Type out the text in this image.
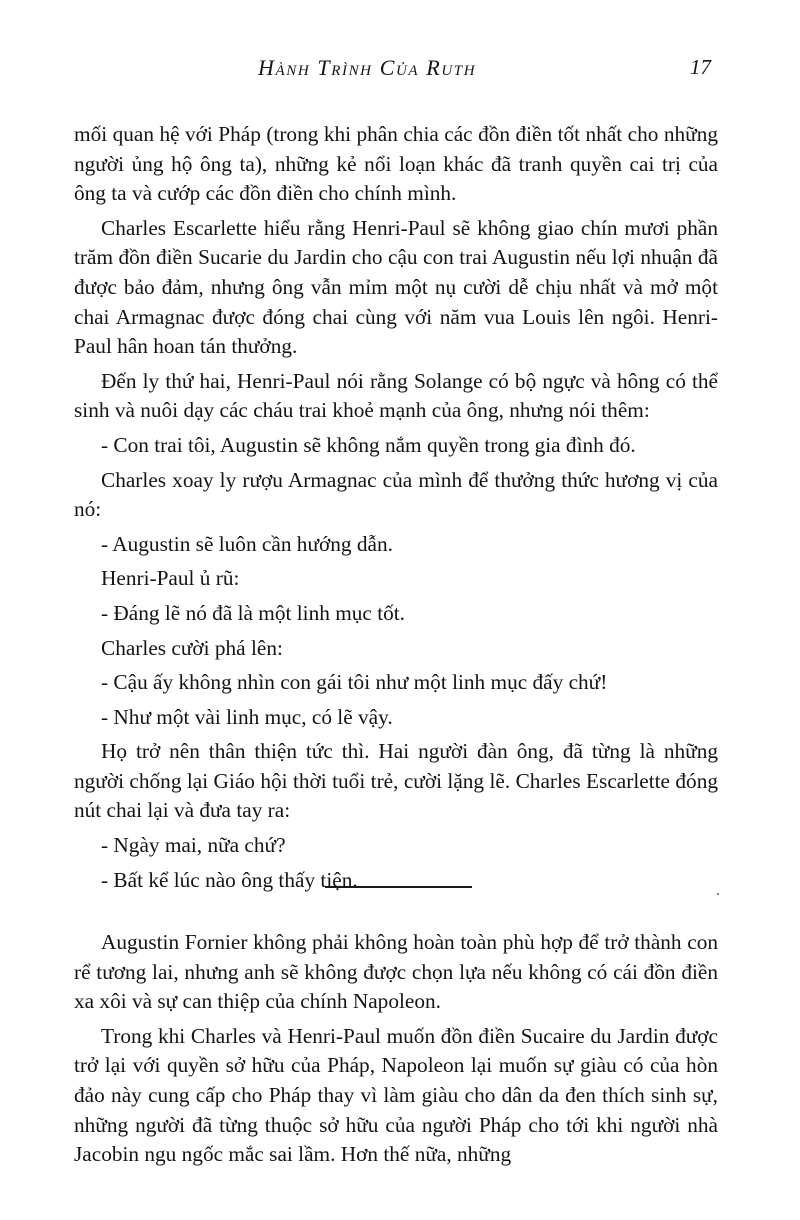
Hành Trình Của Ruth	17

mối quan hệ với Pháp (trong khi phân chia các đồn điền tốt nhất cho những người ủng hộ ông ta), những kẻ nổi loạn khác đã tranh quyền cai trị của ông ta và cướp các đồn điền cho chính mình.

Charles Escarlette hiểu rằng Henri-Paul sẽ không giao chín mươi phần trăm đồn điền Sucarie du Jardin cho cậu con trai Augustin nếu lợi nhuận đã được bảo đảm, nhưng ông vẫn mỉm một nụ cười dễ chịu nhất và mở một chai Armagnac được đóng chai cùng với năm vua Louis lên ngôi. Henri-Paul hân hoan tán thưởng.

Đến ly thứ hai, Henri-Paul nói rằng Solange có bộ ngực và hông có thể sinh và nuôi dạy các cháu trai khoẻ mạnh của ông, nhưng nói thêm:

- Con trai tôi, Augustin sẽ không nắm quyền trong gia đình đó.

Charles xoay ly rượu Armagnac của mình để thưởng thức hương vị của nó:

- Augustin sẽ luôn cần hướng dẫn.

Henri-Paul ủ rũ:

- Đáng lẽ nó đã là một linh mục tốt.

Charles cười phá lên:

- Cậu ấy không nhìn con gái tôi như một linh mục đấy chứ!

- Như một vài linh mục, có lẽ vậy.

Họ trở nên thân thiện tức thì. Hai người đàn ông, đã từng là những người chống lại Giáo hội thời tuổi trẻ, cười lặng lẽ. Charles Escarlette đóng nút chai lại và đưa tay ra:

- Ngày mai, nữa chứ?

- Bất kể lúc nào ông thấy tiện.

Augustin Fornier không phải không hoàn toàn phù hợp để trở thành con rể tương lai, nhưng anh sẽ không được chọn lựa nếu không có cái đồn điền xa xôi và sự can thiệp của chính Napoleon.

Trong khi Charles và Henri-Paul muốn đồn điền Sucaire du Jardin được trở lại với quyền sở hữu của Pháp, Napoleon lại muốn sự giàu có của hòn đảo này cung cấp cho Pháp thay vì làm giàu cho dân da đen thích sinh sự, những người đã từng thuộc sở hữu của người Pháp cho tới khi người nhà Jacobin ngu ngốc mắc sai lầm. Hơn thế nữa, những
